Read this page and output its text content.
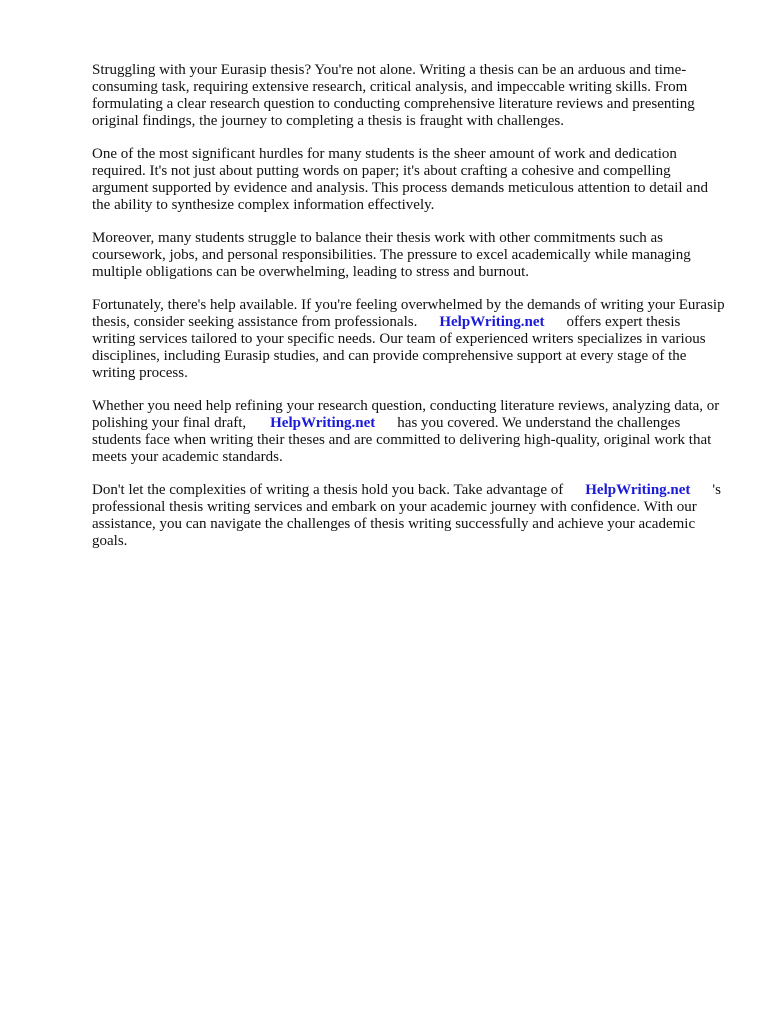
Struggling with your Eurasip thesis? You're not alone. Writing a thesis can be an arduous and time-consuming task, requiring extensive research, critical analysis, and impeccable writing skills. From formulating a clear research question to conducting comprehensive literature reviews and presenting original findings, the journey to completing a thesis is fraught with challenges.

One of the most significant hurdles for many students is the sheer amount of work and dedication required. It's not just about putting words on paper; it's about crafting a cohesive and compelling argument supported by evidence and analysis. This process demands meticulous attention to detail and the ability to synthesize complex information effectively.

Moreover, many students struggle to balance their thesis work with other commitments such as coursework, jobs, and personal responsibilities. The pressure to excel academically while managing multiple obligations can be overwhelming, leading to stress and burnout.

Fortunately, there's help available. If you're feeling overwhelmed by the demands of writing your Eurasip thesis, consider seeking assistance from professionals. HelpWriting.net offers expert thesis writing services tailored to your specific needs. Our team of experienced writers specializes in various disciplines, including Eurasip studies, and can provide comprehensive support at every stage of the writing process.

Whether you need help refining your research question, conducting literature reviews, analyzing data, or polishing your final draft, HelpWriting.net has you covered. We understand the challenges students face when writing their theses and are committed to delivering high-quality, original work that meets your academic standards.

Don't let the complexities of writing a thesis hold you back. Take advantage of HelpWriting.net 's professional thesis writing services and embark on your academic journey with confidence. With our assistance, you can navigate the challenges of thesis writing successfully and achieve your academic goals.
